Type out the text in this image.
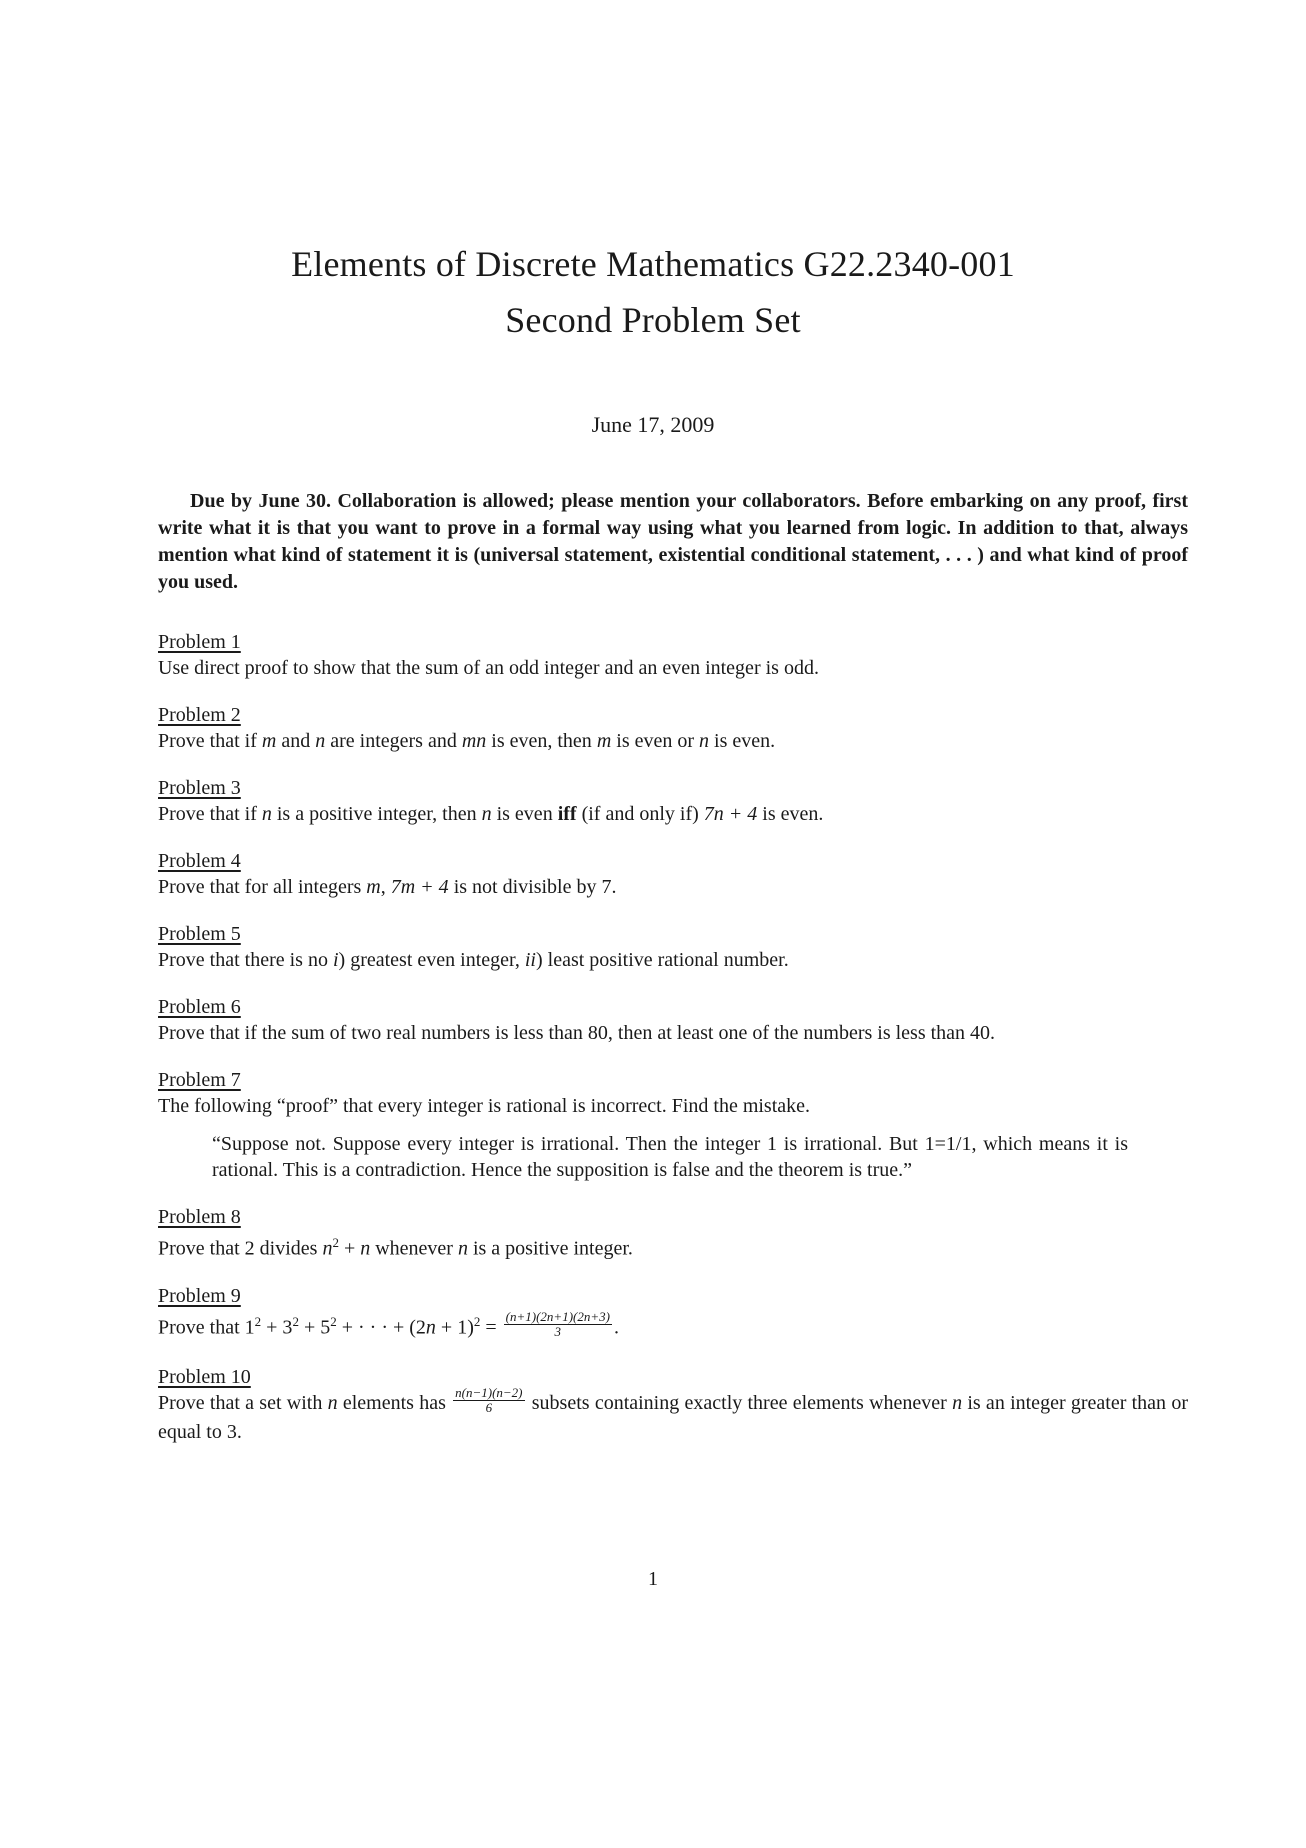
Elements of Discrete Mathematics G22.2340-001
Second Problem Set
June 17, 2009

Due by June 30. Collaboration is allowed; please mention your collaborators. Before embarking on any proof, first write what it is that you want to prove in a formal way using what you learned from logic. In addition to that, always mention what kind of statement it is (universal statement, existential conditional statement, . . . ) and what kind of proof you used.

Problem 1
Use direct proof to show that the sum of an odd integer and an even integer is odd.
Problem 2
Prove that if m and n are integers and mn is even, then m is even or n is even.
Problem 3
Prove that if n is a positive integer, then n is even iff (if and only if) 7n + 4 is even.
Problem 4
Prove that for all integers m, 7m + 4 is not divisible by 7.
Problem 5
Prove that there is no i) greatest even integer, ii) least positive rational number.
Problem 6
Prove that if the sum of two real numbers is less than 80, then at least one of the numbers is less than 40.
Problem 7
The following “proof” that every integer is rational is incorrect. Find the mistake.
“Suppose not. Suppose every integer is irrational. Then the integer 1 is irrational. But 1=1/1, which means it is rational. This is a contradiction. Hence the supposition is false and the theorem is true.”
Problem 8
Prove that 2 divides $n^2 + n$ whenever n is a positive integer.
Problem 9
Prove that $1^2 + 3^2 + 5^2$ + · · · + $(2n + 1)^2 = \frac{(n+1)(2n+1)(2n+3)}{3}$ .
Problem 10
Prove that a set with n elements has $\frac{n(n-1)(n-2)}{6}$ subsets containing exactly three elements whenever n is an integer greater than or equal to 3.
1
